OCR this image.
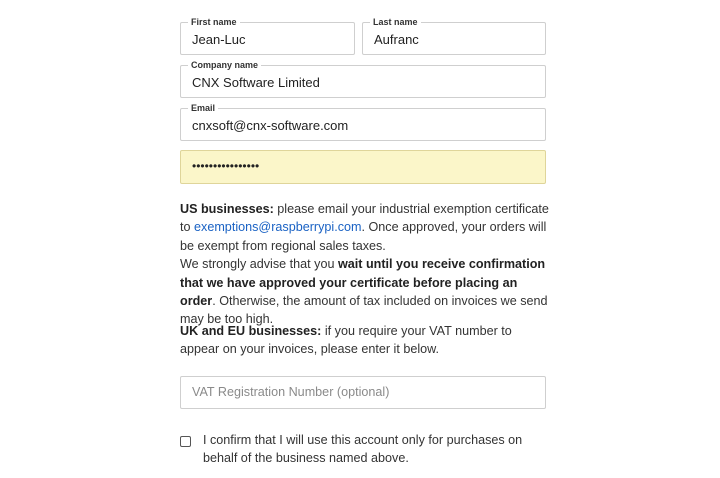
First name
Jean-Luc
Last name
Aufranc
Company name
CNX Software Limited
Email
cnxsoft@cnx-software.com
••••••••••••••••
US businesses: please email your industrial exemption certificate to exemptions@raspberrypi.com. Once approved, your orders will be exempt from regional sales taxes.
We strongly advise that you wait until you receive confirmation that we have approved your certificate before placing an order. Otherwise, the amount of tax included on invoices we send may be too high.
UK and EU businesses: if you require your VAT number to appear on your invoices, please enter it below.
VAT Registration Number (optional)
I confirm that I will use this account only for purchases on behalf of the business named above.
